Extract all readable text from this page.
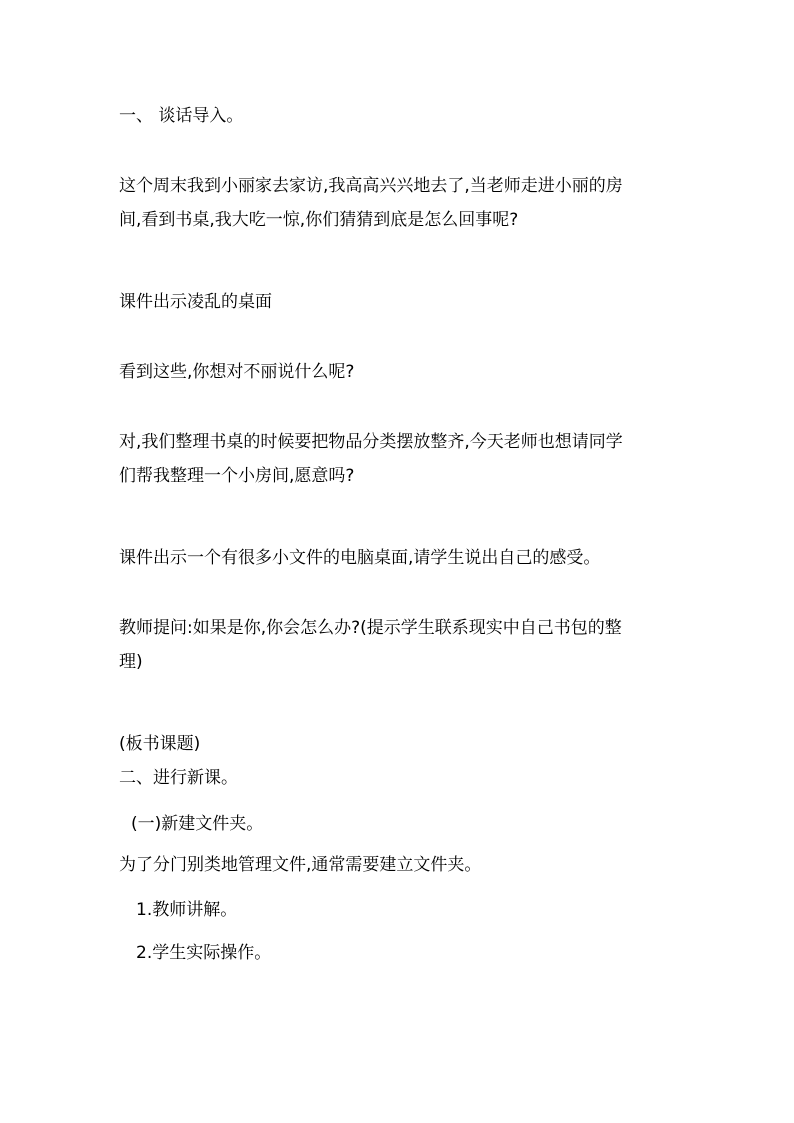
一、 谈话导入。

这个周末我到小丽家去家访,我高高兴兴地去了,当老师走进小丽的房

间,看到书桌,我大吃一惊,你们猜猜到底是怎么回事呢?

课件出示凌乱的桌面

看到这些,你想对不丽说什么呢?

对,我们整理书桌的时候要把物品分类摆放整齐,今天老师也想请同学

们帮我整理一个小房间,愿意吗?

课件出示一个有很多小文件的电脑桌面,请学生说出自己的感受。

教师提问:如果是你,你会怎么办?(提示学生联系现实中自己书包的整

理)

(板书课题)

二、进行新课。

(一)新建文件夹。

为了分门别类地管理文件,通常需要建立文件夹。

1.教师讲解。

2.学生实际操作。
